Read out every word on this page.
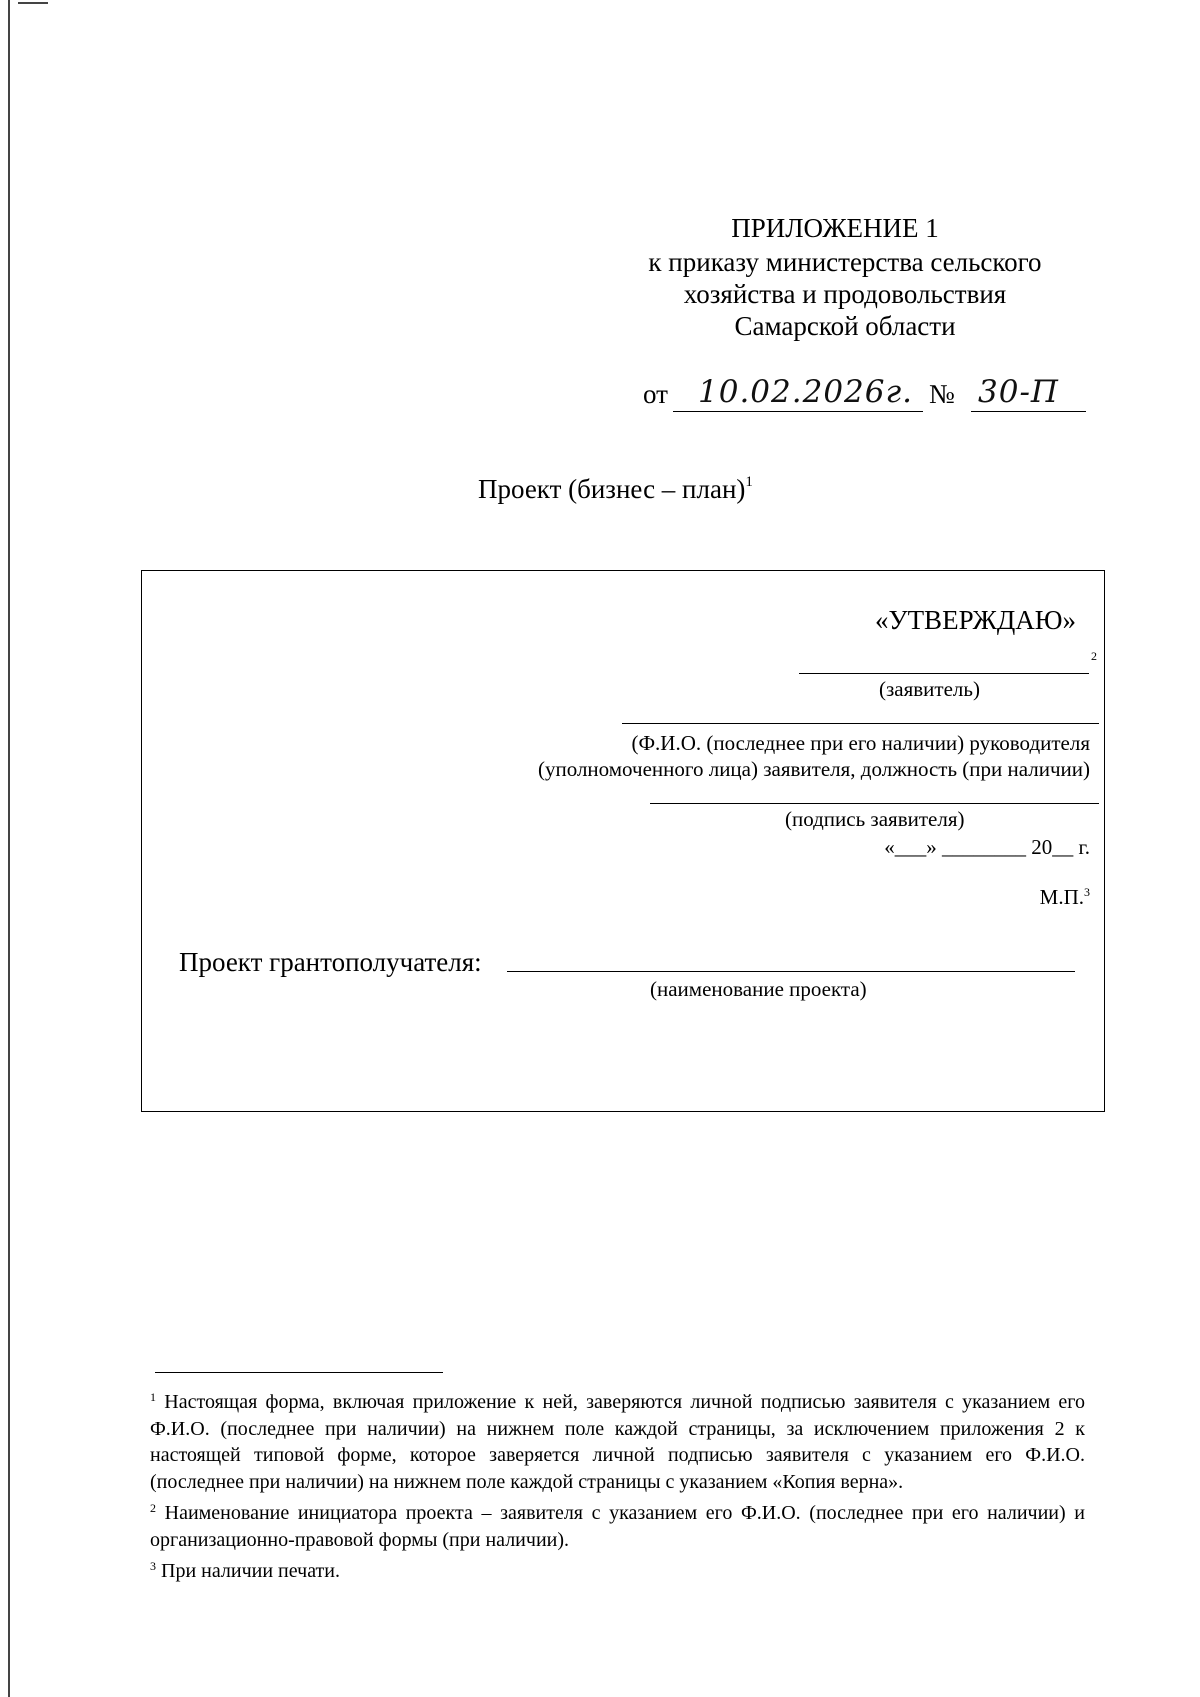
ПРИЛОЖЕНИЕ 1
к приказу министерства сельского
хозяйства и продовольствия
Самарской области
от 10.02.2026г. № 30-П
Проект (бизнес – план)$^1$
«УТВЕРЖДАЮ»
2
(заявитель)
(Ф.И.О. (последнее при его наличии) руководителя
(уполномоченного лица) заявителя, должность (при наличии)
(подпись заявителя)
«___» ________ 20__ г.
М.П.$^3$
Проект грантополучателя:
(наименование проекта)

$^1$ Настоящая форма, включая приложение к ней, заверяются личной подписью заявителя с указанием его Ф.И.О. (последнее при наличии) на нижнем поле каждой страницы, за исключением приложения 2 к настоящей типовой форме, которое заверяется личной подписью заявителя с указанием его Ф.И.О. (последнее при наличии) на нижнем поле каждой страницы с указанием «Копия верна».

$^2$ Наименование инициатора проекта – заявителя с указанием его Ф.И.О. (последнее при его наличии) и организационно-правовой формы (при наличии).

$^3$ При наличии печати.
